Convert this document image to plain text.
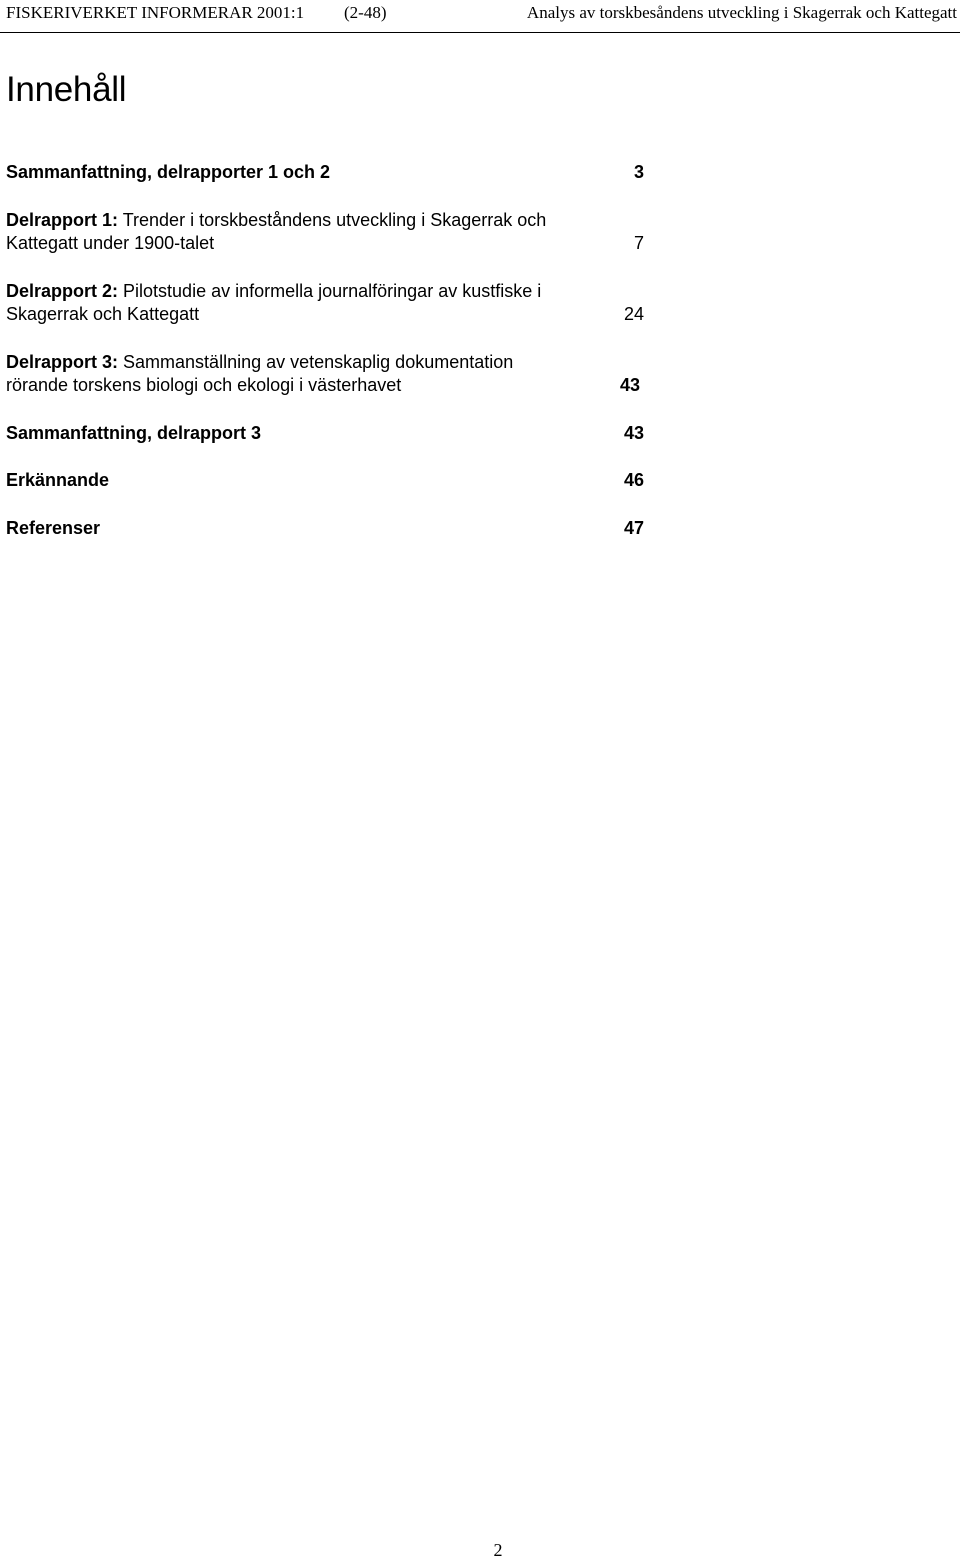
FISKERIVERKET INFORMERAR 2001:1 (2-48)	Analys av torskbesåndens utveckling i Skagerrak och Kattegatt
Innehåll
Sammanfattning, delrapporter 1 och 2	3
Delrapport 1: Trender i torskbeståndens utveckling i Skagerrak och
Kattegatt under 1900-talet	7
Delrapport 2: Pilotstudie av informella journalföringar av kustfiske i
Skagerrak och Kattegatt	24
Delrapport 3: Sammanställning av vetenskaplig dokumentation
rörande torskens biologi och ekologi i västerhavet	43
Sammanfattning, delrapport 3	43
Erkännande	46
Referenser	47
2
